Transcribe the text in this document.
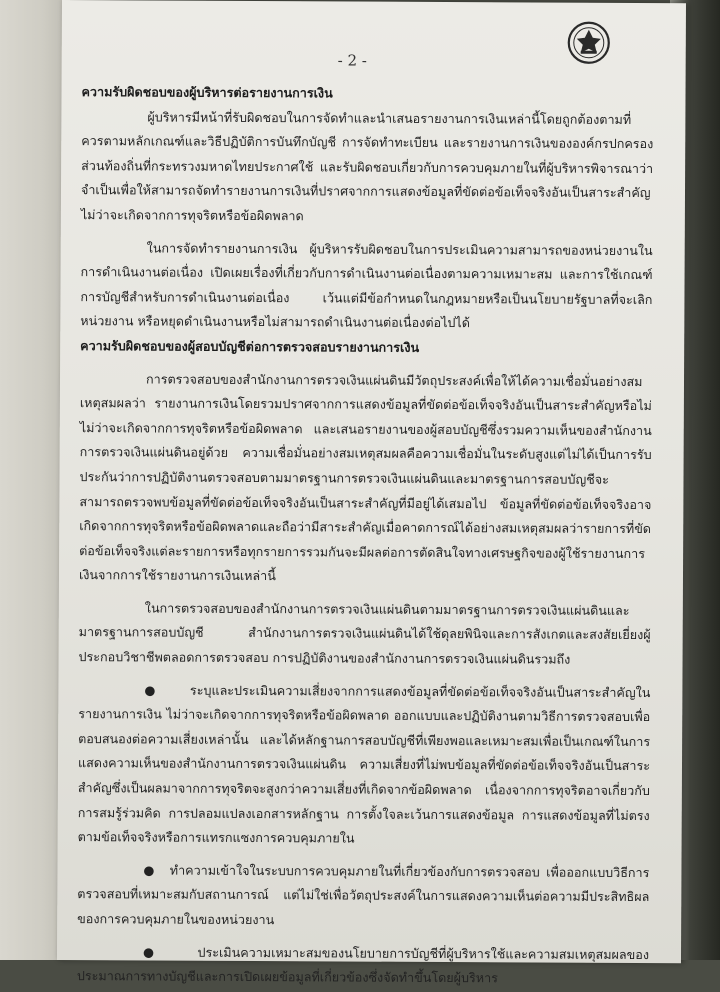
- 2 -
ความรับผิดชอบของผู้บริหารต่อรายงานการเงิน

ผู้บริหารมีหน้าที่รับผิดชอบในการจัดทำและนำเสนอรายงานการเงินเหล่านี้โดยถูกต้องตามที่ควรตามหลักเกณฑ์และวิธีปฏิบัติการบันทึกบัญชี การจัดทำทะเบียน และรายงานการเงินขององค์กรปกครองส่วนท้องถิ่นที่กระทรวงมหาดไทยประกาศใช้ และรับผิดชอบเกี่ยวกับการควบคุมภายในที่ผู้บริหารพิจารณาว่า จำเป็นเพื่อให้สามารถจัดทำรายงานการเงินที่ปราศจากการแสดงข้อมูลที่ขัดต่อข้อเท็จจริงอันเป็นสาระสำคัญไม่ว่าจะเกิดจากการทุจริตหรือข้อผิดพลาด

ในการจัดทำรายงานการเงิน ผู้บริหารรับผิดชอบในการประเมินความสามารถของหน่วยงานในการดำเนินงานต่อเนื่อง เปิดเผยเรื่องที่เกี่ยวกับการดำเนินงานต่อเนื่องตามความเหมาะสม และการใช้เกณฑ์การบัญชีสำหรับการดำเนินงานต่อเนื่อง เว้นแต่มีข้อกำหนดในกฎหมายหรือเป็นนโยบายรัฐบาลที่จะเลิกหน่วยงาน หรือหยุดดำเนินงานหรือไม่สามารถดำเนินงานต่อเนื่องต่อไปได้

ความรับผิดชอบของผู้สอบบัญชีต่อการตรวจสอบรายงานการเงิน

การตรวจสอบของสำนักงานการตรวจเงินแผ่นดินมีวัตถุประสงค์เพื่อให้ได้ความเชื่อมั่นอย่างสมเหตุสมผลว่า รายงานการเงินโดยรวมปราศจากการแสดงข้อมูลที่ขัดต่อข้อเท็จจริงอันเป็นสาระสำคัญหรือไม่ ไม่ว่าจะเกิดจากการทุจริตหรือข้อผิดพลาด และเสนอรายงานของผู้สอบบัญชีซึ่งรวมความเห็นของสำนักงานการตรวจเงินแผ่นดินอยู่ด้วย ความเชื่อมั่นอย่างสมเหตุสมผลคือความเชื่อมั่นในระดับสูงแต่ไม่ได้เป็นการรับประกันว่าการปฏิบัติงานตรวจสอบตามมาตรฐานการตรวจเงินแผ่นดินและมาตรฐานการสอบบัญชีจะสามารถตรวจพบข้อมูลที่ขัดต่อข้อเท็จจริงอันเป็นสาระสำคัญที่มีอยู่ได้เสมอไป ข้อมูลที่ขัดต่อข้อเท็จจริงอาจเกิดจากการทุจริตหรือข้อผิดพลาดและถือว่ามีสาระสำคัญเมื่อคาดการณ์ได้อย่างสมเหตุสมผลว่ารายการที่ขัดต่อข้อเท็จจริงแต่ละรายการหรือทุกรายการรวมกันจะมีผลต่อการตัดสินใจทางเศรษฐกิจของผู้ใช้รายงานการเงินจากการใช้รายงานการเงินเหล่านี้

ในการตรวจสอบของสำนักงานการตรวจเงินแผ่นดินตามมาตรฐานการตรวจเงินแผ่นดินและมาตรฐานการสอบบัญชี สำนักงานการตรวจเงินแผ่นดินได้ใช้ดุลยพินิจและการสังเกตและสงสัยเยี่ยงผู้ประกอบวิชาชีพตลอดการตรวจสอบ การปฏิบัติงานของสำนักงานการตรวจเงินแผ่นดินรวมถึง

● ระบุและประเมินความเสี่ยงจากการแสดงข้อมูลที่ขัดต่อข้อเท็จจริงอันเป็นสาระสำคัญในรายงานการเงิน ไม่ว่าจะเกิดจากการทุจริตหรือข้อผิดพลาด ออกแบบและปฏิบัติงานตามวิธีการตรวจสอบเพื่อตอบสนองต่อความเสี่ยงเหล่านั้น และได้หลักฐานการสอบบัญชีที่เพียงพอและเหมาะสมเพื่อเป็นเกณฑ์ในการแสดงความเห็นของสำนักงานการตรวจเงินแผ่นดิน ความเสี่ยงที่ไม่พบข้อมูลที่ขัดต่อข้อเท็จจริงอันเป็นสาระสำคัญซึ่งเป็นผลมาจากการทุจริตจะสูงกว่าความเสี่ยงที่เกิดจากข้อผิดพลาด เนื่องจากการทุจริตอาจเกี่ยวกับการสมรู้ร่วมคิด การปลอมแปลงเอกสารหลักฐาน การตั้งใจละเว้นการแสดงข้อมูล การแสดงข้อมูลที่ไม่ตรงตามข้อเท็จจริงหรือการแทรกแซงการควบคุมภายใน

● ทำความเข้าใจในระบบการควบคุมภายในที่เกี่ยวข้องกับการตรวจสอบ เพื่อออกแบบวิธีการตรวจสอบที่เหมาะสมกับสถานการณ์ แต่ไม่ใช่เพื่อวัตถุประสงค์ในการแสดงความเห็นต่อความมีประสิทธิผลของการควบคุมภายในของหน่วยงาน

●	ประเมินความเหมาะสมของนโยบายการบัญชีที่ผู้บริหารใช้และความสมเหตุสมผลของประมาณการทางบัญชีและการเปิดเผยข้อมูลที่เกี่ยวข้องซึ่งจัดทำขึ้นโดยผู้บริหาร
